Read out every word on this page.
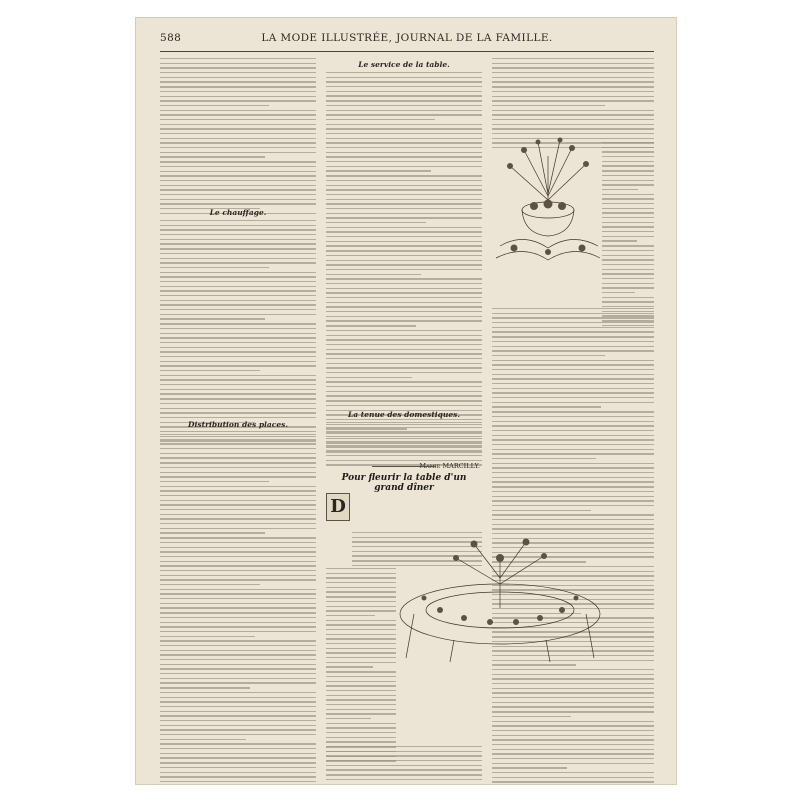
588	LA MODE ILLUSTRÉE, JOURNAL DE LA FAMILLE.
Le chauffage.
Distribution des places.
Le service de la table.
La tenue des domestiques.
Mamie MARCILLY.
Pour fleurir la table d'un grand dîner
D
